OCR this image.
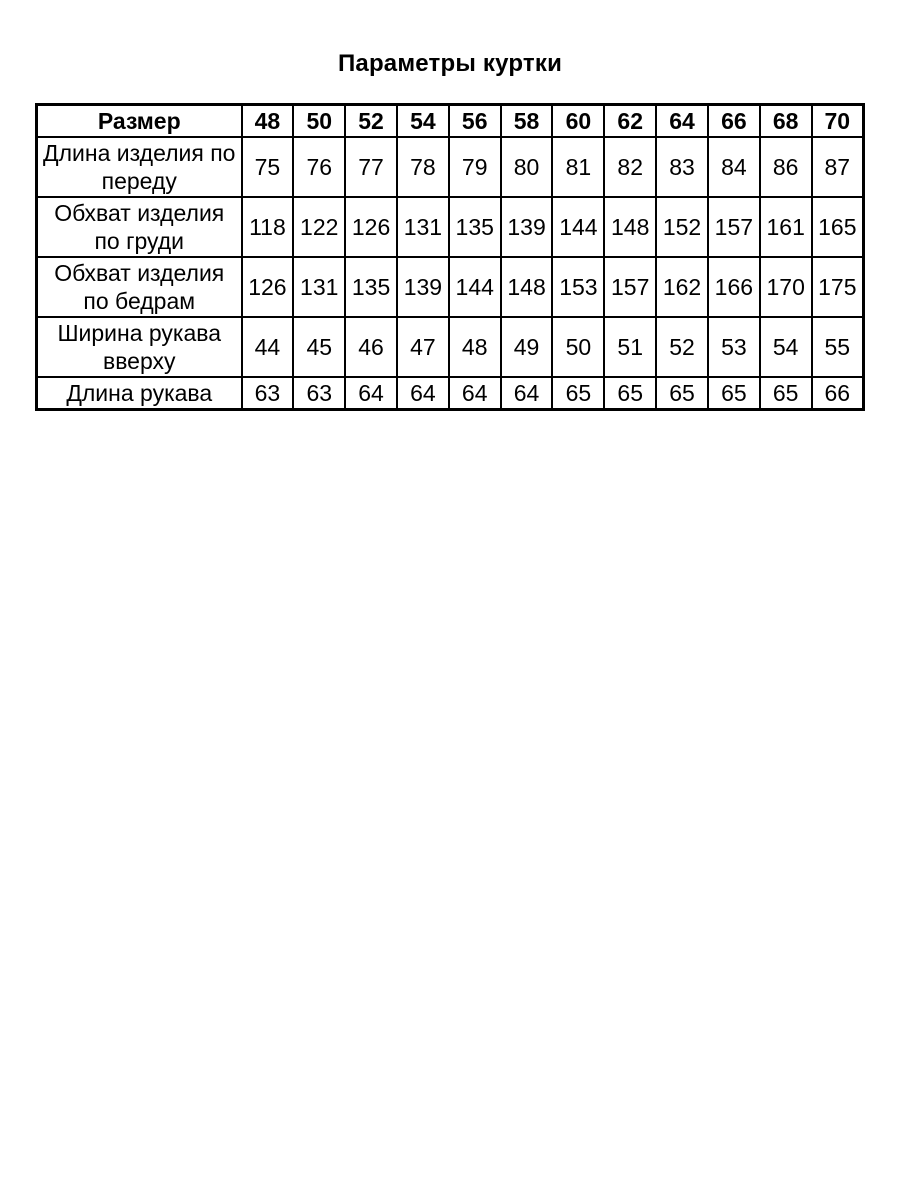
Параметры куртки
Размер	48	50	52	54	56	58	60	62	64	66	68	70
Длина изделия по переду	75	76	77	78	79	80	81	82	83	84	86	87
Обхват изделия по груди	118	122	126	131	135	139	144	148	152	157	161	165
Обхват изделия по бедрам	126	131	135	139	144	148	153	157	162	166	170	175
Ширина рукава вверху	44	45	46	47	48	49	50	51	52	53	54	55
Длина рукава	63	63	64	64	64	64	65	65	65	65	65	66
